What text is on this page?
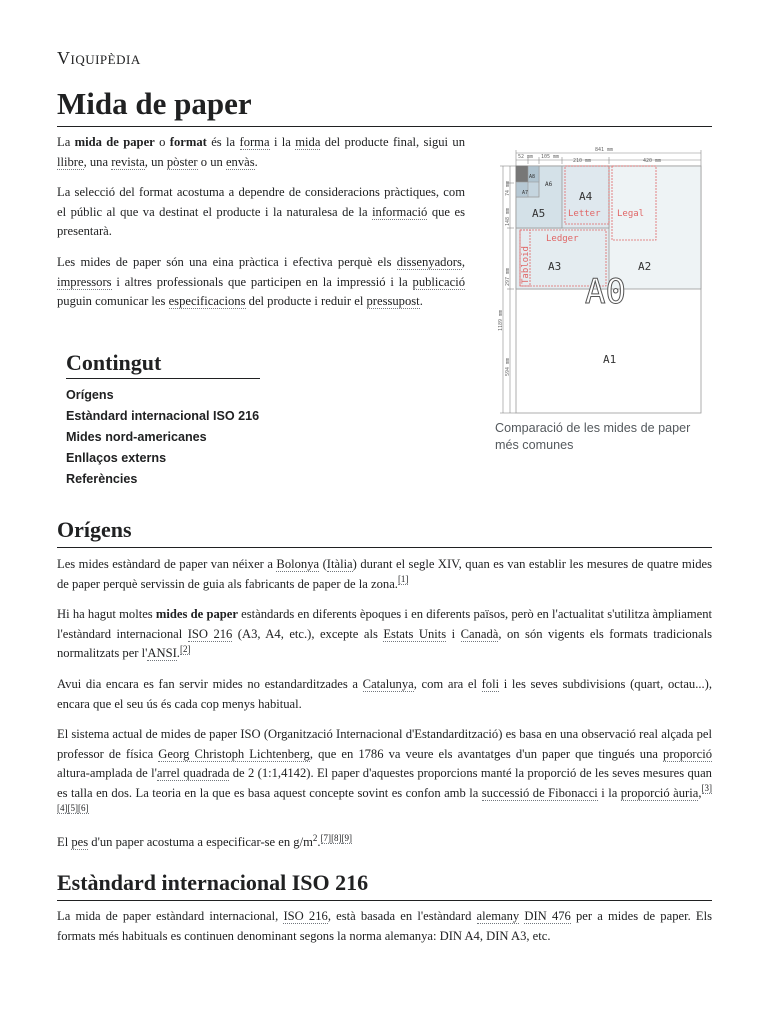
Viquipèdia
Mida de paper

La mida de paper o format és la forma i la mida del producte final, sigui un llibre, una revista, un pòster o un envàs.

La selecció del format acostuma a dependre de consideracions pràctiques, com el públic al que va destinat el producte i la naturalesa de la informació que es presentarà.

Les mides de paper són una eina pràctica i efectiva perquè els dissenyadors, impressors i altres professionals que participen en la impressió i la publicació puguin comunicar les especificacions del producte i reduir el pressupost.

Contingut
Orígens
Estàndard internacional ISO 216
Mides nord-americanes
Enllaços externs
Referències
841 mm
52 mm 105 mm
210 mm	420 mm
1189 mm
297 mm
594 mm
148 mm
74 mm
A8
A6
A7
A5
A4
A3	A2
A1
A0
Letter Legal
Ledger
Tabloid
Comparació de les mides de paper més comunes
Orígens

Les mides estàndard de paper van néixer a Bolonya (Itàlia) durant el segle XIV, quan es van establir les mesures de quatre mides de paper perquè servissin de guia als fabricants de paper de la zona.[1]

Hi ha hagut moltes mides de paper estàndards en diferents èpoques i en diferents països, però en l'actualitat s'utilitza àmpliament l'estàndard internacional ISO 216 (A3, A4, etc.), excepte als Estats Units i Canadà, on són vigents els formats tradicionals normalitzats per l'ANSI.[2]

Avui dia encara es fan servir mides no estandarditzades a Catalunya, com ara el foli i les seves subdivisions (quart, octau...), encara que el seu ús és cada cop menys habitual.

El sistema actual de mides de paper ISO (Organització Internacional d'Estandardització) es basa en una observació real alçada pel professor de física Georg Christoph Lichtenberg, que en 1786 va veure els avantatges d'un paper que tingués una proporció altura-amplada de l'arrel quadrada de 2 (1:1,4142). El paper d'aquestes proporcions manté la proporció de les seves mesures quan es talla en dos. La teoria en la que es basa aquest concepte sovint es confon amb la successió de Fibonacci i la proporció àuria,[3][4][5][6]

El pes d'un paper acostuma a especificar-se en $g/m^2.[7][8][9]$

Estàndard internacional ISO 216

La mida de paper estàndard internacional, ISO 216, està basada en l'estàndard alemany DIN 476 per a mides de paper. Els formats més habituals es continuen denominant segons la norma alemanya: DIN A4, DIN A3, etc.
